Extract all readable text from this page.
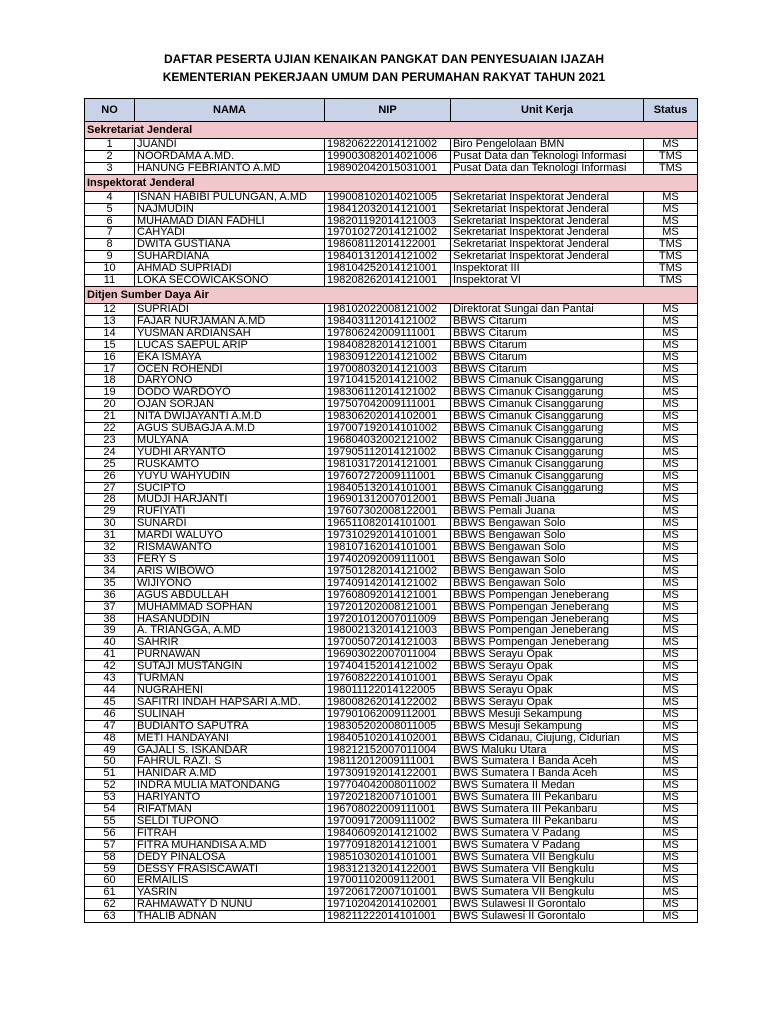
DAFTAR PESERTA UJIAN KENAIKAN PANGKAT DAN PENYESUAIAN IJAZAH
KEMENTERIAN PEKERJAAN UMUM DAN PERUMAHAN RAKYAT TAHUN 2021
NO	NAMA	NIP	Unit Kerja	Status
Sekretariat Jenderal				
1	JUANDI	198206222014121002	Biro Pengelolaan BMN	MS
2	NOORDAMA A.MD.	199003082014021006	Pusat Data dan Teknologi Informasi	TMS
3	HANUNG FEBRIANTO A.MD	198902042015031001	Pusat Data dan Teknologi Informasi	TMS
Inspektorat Jenderal				
4	ISNAN HABIBI PULUNGAN, A.MD	199008102014021005	Sekretariat Inspektorat Jenderal	MS
5	NAJMUDIN	198412032014121001	Sekretariat Inspektorat Jenderal	MS
6	MUHAMAD DIAN FADHLI	198201192014121003	Sekretariat Inspektorat Jenderal	MS
7	CAHYADI	197010272014121002	Sekretariat Inspektorat Jenderal	MS
8	DWITA GUSTIANA	198608112014122001	Sekretariat Inspektorat Jenderal	TMS
9	SUHARDIANA	198401312014121002	Sekretariat Inspektorat Jenderal	TMS
10	AHMAD SUPRIADI	198104252014121001	Inspektorat III	TMS
11	LOKA SECOWICAKSONO	198208262014121001	Inspektorat VI	TMS
Ditjen Sumber Daya Air				
12	SUPRIADI	198102022008121002	Direktorat Sungai dan Pantai	MS
13	FAJAR NURJAMAN A.MD	198403112014121002	BBWS Citarum	MS
14	YUSMAN ARDIANSAH	197806242009111001	BBWS Citarum	MS
15	LUCAS SAEPUL ARIP	198408282014121001	BBWS Citarum	MS
16	EKA ISMAYA	198309122014121002	BBWS Citarum	MS
17	OCEN ROHENDI	197008032014121003	BBWS Citarum	MS
18	DARYONO	197104152014121002	BBWS Cimanuk Cisanggarung	MS
19	DODO WARDOYO	198306112014121002	BBWS Cimanuk Cisanggarung	MS
20	OJAN SORJAN	197507042009111001	BBWS Cimanuk Cisanggarung	MS
21	NITA DWIJAYANTI A.M.D	198306202014102001	BBWS Cimanuk Cisanggarung	MS
22	AGUS SUBAGJA A.M.D	197007192014101002	BBWS Cimanuk Cisanggarung	MS
23	MULYANA	196804032002121002	BBWS Cimanuk Cisanggarung	MS
24	YUDHI ARYANTO	197905112014121002	BBWS Cimanuk Cisanggarung	MS
25	RUSKAMTO	198103172014121001	BBWS Cimanuk Cisanggarung	MS
26	YUYU WAHYUDIN	197607272009111001	BBWS Cimanuk Cisanggarung	MS
27	SUCIPTO	198405132014101001	BBWS Cimanuk Cisanggarung	MS
28	MUDJI HARJANTI	196901312007012001	BBWS Pemali Juana	MS
29	RUFIYATI	197607302008122001	BBWS Pemali Juana	MS
30	SUNARDI	196511082014101001	BBWS Bengawan Solo	MS
31	MARDI WALUYO	197310292014101001	BBWS Bengawan Solo	MS
32	RISMAWANTO	198107162014101001	BBWS Bengawan Solo	MS
33	FERY S	197402092009111001	BBWS Bengawan Solo	MS
34	ARIS WIBOWO	197501282014121002	BBWS Bengawan Solo	MS
35	WIJIYONO	197409142014121002	BBWS Bengawan Solo	MS
36	AGUS ABDULLAH	197608092014121001	BBWS Pompengan Jeneberang	MS
37	MUHAMMAD SOPHAN	197201202008121001	BBWS Pompengan Jeneberang	MS
38	HASANUDDIN	197201012007011009	BBWS Pompengan Jeneberang	MS
39	A. TRIANGGA, A.MD	198002132014121003	BBWS Pompengan Jeneberang	MS
40	SAHRIR	197005072014121003	BBWS Pompengan Jeneberang	MS
41	PURNAWAN	196903022007011004	BBWS Serayu Opak	MS
42	SUTAJI MUSTANGIN	197404152014121002	BBWS Serayu Opak	MS
43	TURMAN	197608222014101001	BBWS Serayu Opak	MS
44	NUGRAHENI	198011122014122005	BBWS Serayu Opak	MS
45	SAFITRI INDAH HAPSARI A.MD.	198008262014122002	BBWS Serayu Opak	MS
46	SULINAH	197901062009112001	BBWS Mesuji Sekampung	MS
47	BUDIANTO SAPUTRA	198305202008011005	BBWS Mesuji Sekampung	MS
48	METI HANDAYANI	198405102014102001	BBWS Cidanau, Ciujung, Cidurian	MS
49	GAJALI S. ISKANDAR	198212152007011004	BWS Maluku Utara	MS
50	FAHRUL RAZI. S	198112012009111001	BWS Sumatera I Banda Aceh	MS
51	HANIDAR A.MD	197309192014122001	BWS Sumatera I Banda Aceh	MS
52	INDRA MULIA MATONDANG	197704042008011002	BWS Sumatera II Medan	MS
53	HARIYANTO	197202182007101001	BWS Sumatera III Pekanbaru	MS
54	RIFATMAN	196708022009111001	BWS Sumatera III Pekanbaru	MS
55	SELDI TUPONO	197009172009111002	BWS Sumatera III Pekanbaru	MS
56	FITRAH	198406092014121002	BWS Sumatera V Padang	MS
57	FITRA MUHANDISA A.MD	197709182014121001	BWS Sumatera V Padang	MS
58	DEDY PINALOSA	198510302014101001	BWS Sumatera VII Bengkulu	MS
59	DESSY FRASISCAWATI	198312132014122001	BWS Sumatera VII Bengkulu	MS
60	ERMAILIS	197001102009112001	BWS Sumatera VII Bengkulu	MS
61	YASRIN	197206172007101001	BWS Sumatera VII Bengkulu	MS
62	RAHMAWATY D NUNU	197102042014102001	BWS Sulawesi II Gorontalo	MS
63	THALIB ADNAN	198211222014101001	BWS Sulawesi II Gorontalo	MS
